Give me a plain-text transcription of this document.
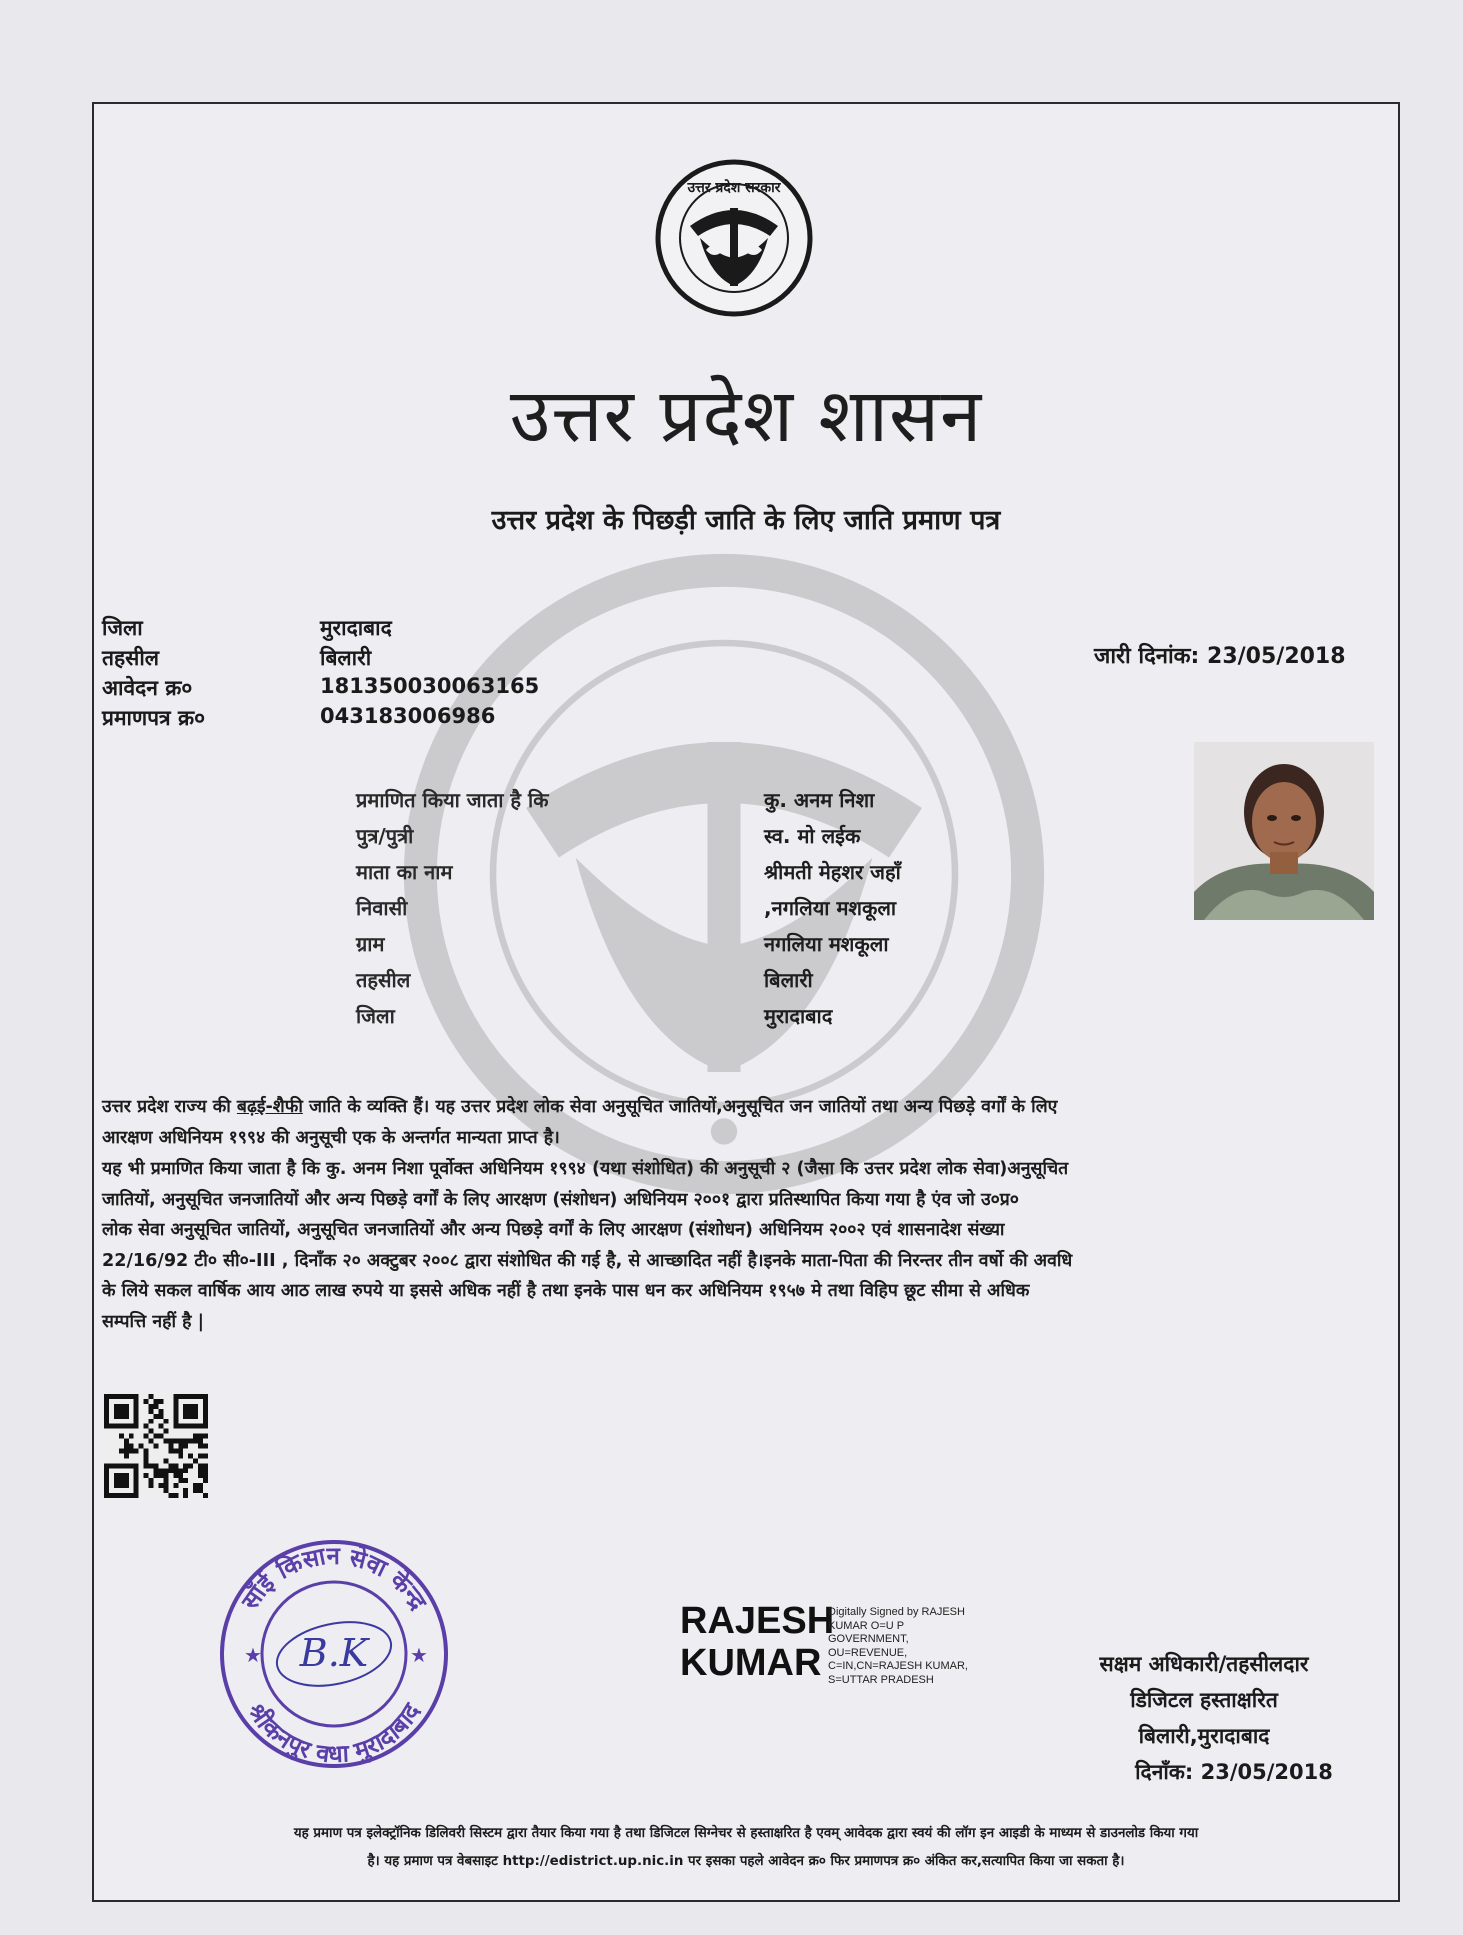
उत्तर प्रदेश सरकार
उत्तर प्रदेश शासन
उत्तर प्रदेश के पिछड़ी जाति के लिए जाति प्रमाण पत्र
जिला	मुरादाबाद
तहसील	बिलारी
आवेदन क्र०	181350030063165
प्रमाणपत्र क्र०	043183006986
जारी दिनांक: 23/05/2018
प्रमाणित किया जाता है कि	कु. अनम निशा
पुत्र/पुत्री	स्व. मो लईक
माता का नाम	श्रीमती मेहशर जहाँ
निवासी	,नगलिया मशकूला
ग्राम	नगलिया मशकूला
तहसील	बिलारी
जिला	मुरादाबाद
उत्तर प्रदेश राज्य की बढ़ई-शैफी जाति के व्यक्ति हैं। यह उत्तर प्रदेश लोक सेवा अनुसूचित जातियों,अनुसूचित जन जातियों तथा अन्य पिछड़े वर्गों के लिए
आरक्षण अधिनियम १९९४ की अनुसूची एक के अन्तर्गत मान्यता प्राप्त है।
यह भी प्रमाणित किया जाता है कि कु. अनम निशा पूर्वोक्त अधिनियम १९९४ (यथा संशोधित) की अनुसूची २ (जैसा कि उत्तर प्रदेश लोक सेवा)अनुसूचित
जातियों, अनुसूचित जनजातियों और अन्य पिछड़े वर्गों के लिए आरक्षण (संशोधन) अधिनियम २००१ द्वारा प्रतिस्थापित किया गया है एंव जो उ०प्र०
लोक सेवा अनुसूचित जातियों, अनुसूचित जनजातियों और अन्य पिछड़े वर्गों के लिए आरक्षण (संशोधन) अधिनियम २००२ एवं शासनादेश संख्या
22/16/92 टी० सी०-III , दिनाँक २० अक्टुबर २००८ द्वारा संशोधित की गई है, से आच्छादित नहीं है।इनके माता-पिता की निरन्तर तीन वर्षो की अवधि
के लिये सकल वार्षिक आय आठ लाख रुपये या इससे अधिक नहीं है तथा इनके पास धन कर अधिनियम १९५७ मे तथा विहिप छूट सीमा से अधिक
सम्पत्ति नहीं है |
साँई किसान सेवा केन्द्र
श्रीकनपुर वधा मुरादाबाद
★	★
B.K
RAJESH
KUMAR
Digitally Signed by RAJESH
KUMAR O=U P
GOVERNMENT,
OU=REVENUE,
C=IN,CN=RAJESH KUMAR,
S=UTTAR PRADESH
सक्षम अधिकारी/तहसीलदार
डिजिटल हस्ताक्षरित
बिलारी,मुरादाबाद
दिनाँक: 23/05/2018
यह प्रमाण पत्र इलेक्ट्रॉनिक डिलिवरी सिस्टम द्वारा तैयार किया गया है तथा डिजिटल सिग्नेचर से हस्ताक्षरित है एवम् आवेदक द्वारा स्वयं की लॉग इन आइडी के माध्यम से डाउनलोड किया गया
है। यह प्रमाण पत्र वेबसाइट http://edistrict.up.nic.in पर इसका पहले आवेदन क्र० फिर प्रमाणपत्र क्र० अंकित कर,सत्यापित किया जा सकता है।
